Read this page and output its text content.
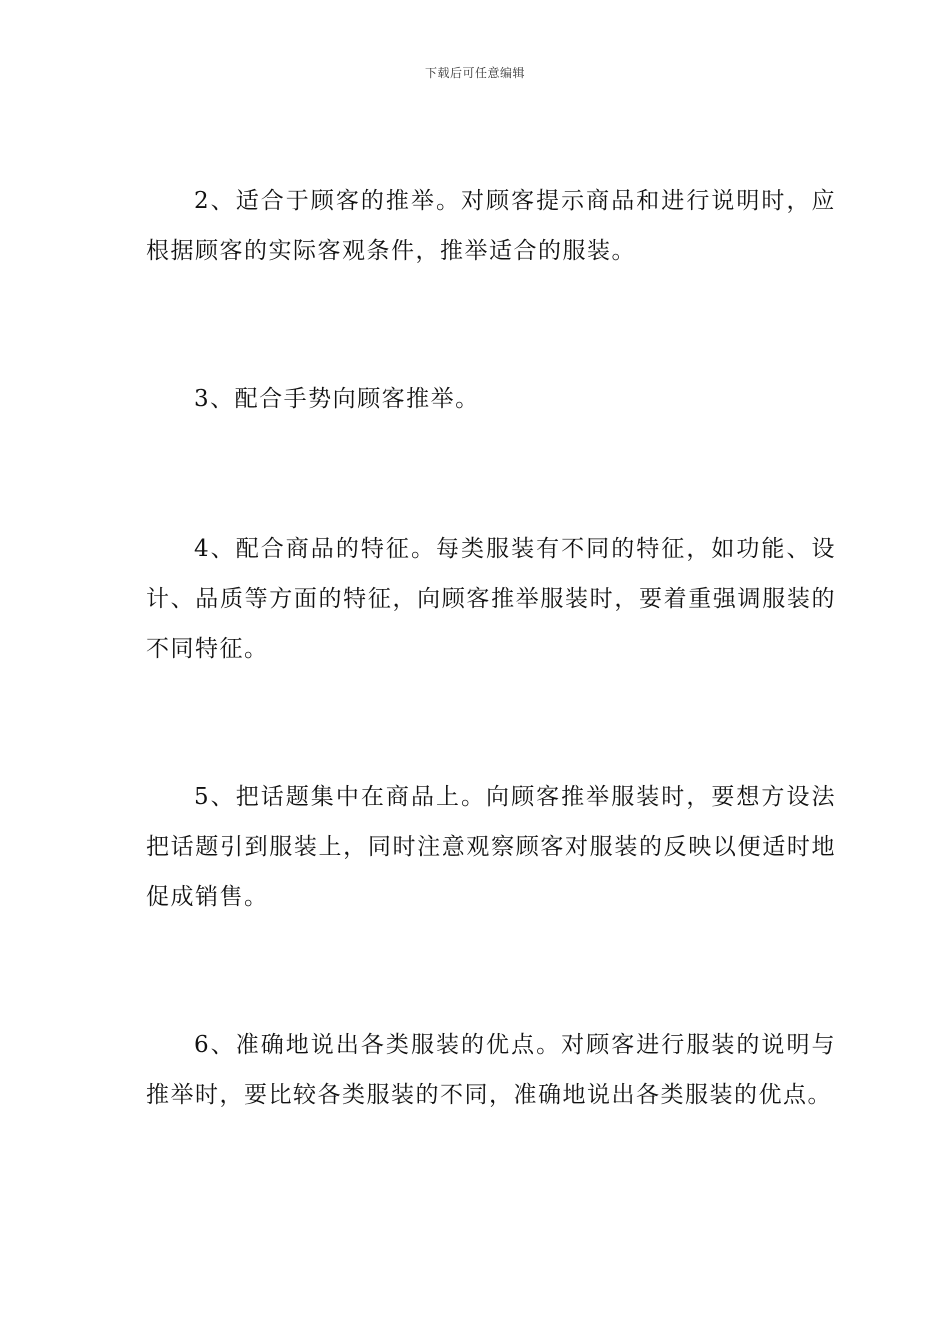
下载后可任意编辑

2、适合于顾客的推举。对顾客提示商品和进行说明时，应根据顾客的实际客观条件，推举适合的服装。

3、配合手势向顾客推举。

4、配合商品的特征。每类服装有不同的特征，如功能、设计、品质等方面的特征，向顾客推举服装时，要着重强调服装的不同特征。

5、把话题集中在商品上。向顾客推举服装时，要想方设法把话题引到服装上，同时注意观察顾客对服装的反映以便适时地促成销售。

6、准确地说出各类服装的优点。对顾客进行服装的说明与推举时，要比较各类服装的不同，准确地说出各类服装的优点。
